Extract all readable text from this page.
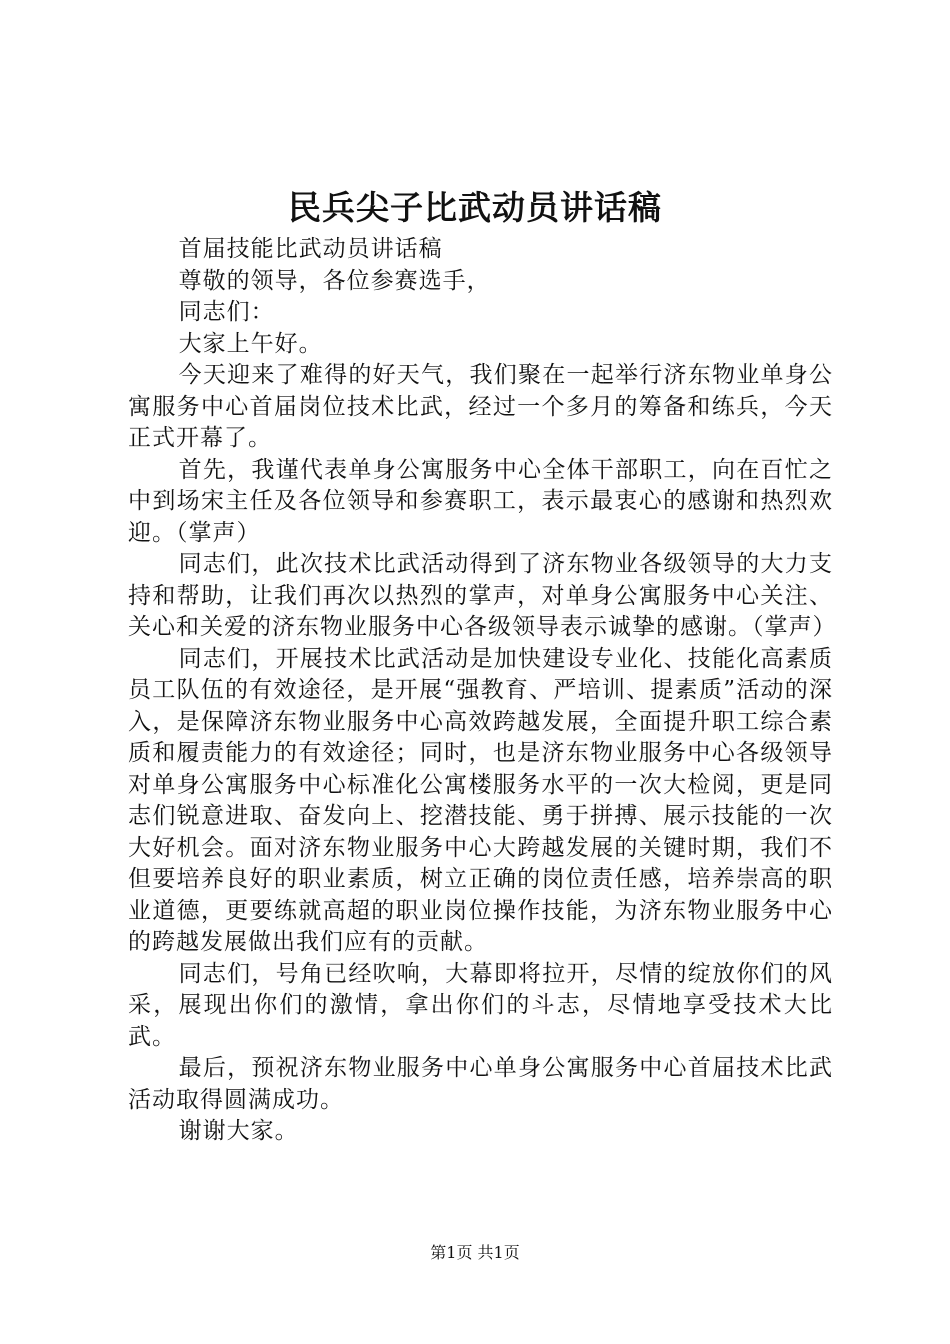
民兵尖子比武动员讲话稿

首届技能比武动员讲话稿

尊敬的领导，各位参赛选手，

同志们：

大家上午好。

今天迎来了难得的好天气，我们聚在一起举行济东物业单身公寓服务中心首届岗位技术比武，经过一个多月的筹备和练兵，今天正式开幕了。

首先，我谨代表单身公寓服务中心全体干部职工，向在百忙之中到场宋主任及各位领导和参赛职工，表示最衷心的感谢和热烈欢迎。（掌声）

同志们，此次技术比武活动得到了济东物业各级领导的大力支持和帮助，让我们再次以热烈的掌声，对单身公寓服务中心关注、关心和关爱的济东物业服务中心各级领导表示诚挚的感谢。（掌声）

同志们，开展技术比武活动是加快建设专业化、技能化高素质员工队伍的有效途径，是开展“强教育、严培训、提素质”活动的深入，是保障济东物业服务中心高效跨越发展，全面提升职工综合素质和履责能力的有效途径；同时，也是济东物业服务中心各级领导对单身公寓服务中心标准化公寓楼服务水平的一次大检阅，更是同志们锐意进取、奋发向上、挖潜技能、勇于拼搏、展示技能的一次大好机会。面对济东物业服务中心大跨越发展的关键时期，我们不但要培养良好的职业素质，树立正确的岗位责任感，培养崇高的职业道德，更要练就高超的职业岗位操作技能，为济东物业服务中心的跨越发展做出我们应有的贡献。

同志们，号角已经吹响，大幕即将拉开，尽情的绽放你们的风采，展现出你们的激情，拿出你们的斗志，尽情地享受技术大比武。

最后，预祝济东物业服务中心单身公寓服务中心首届技术比武活动取得圆满成功。

谢谢大家。

第1页 共1页
